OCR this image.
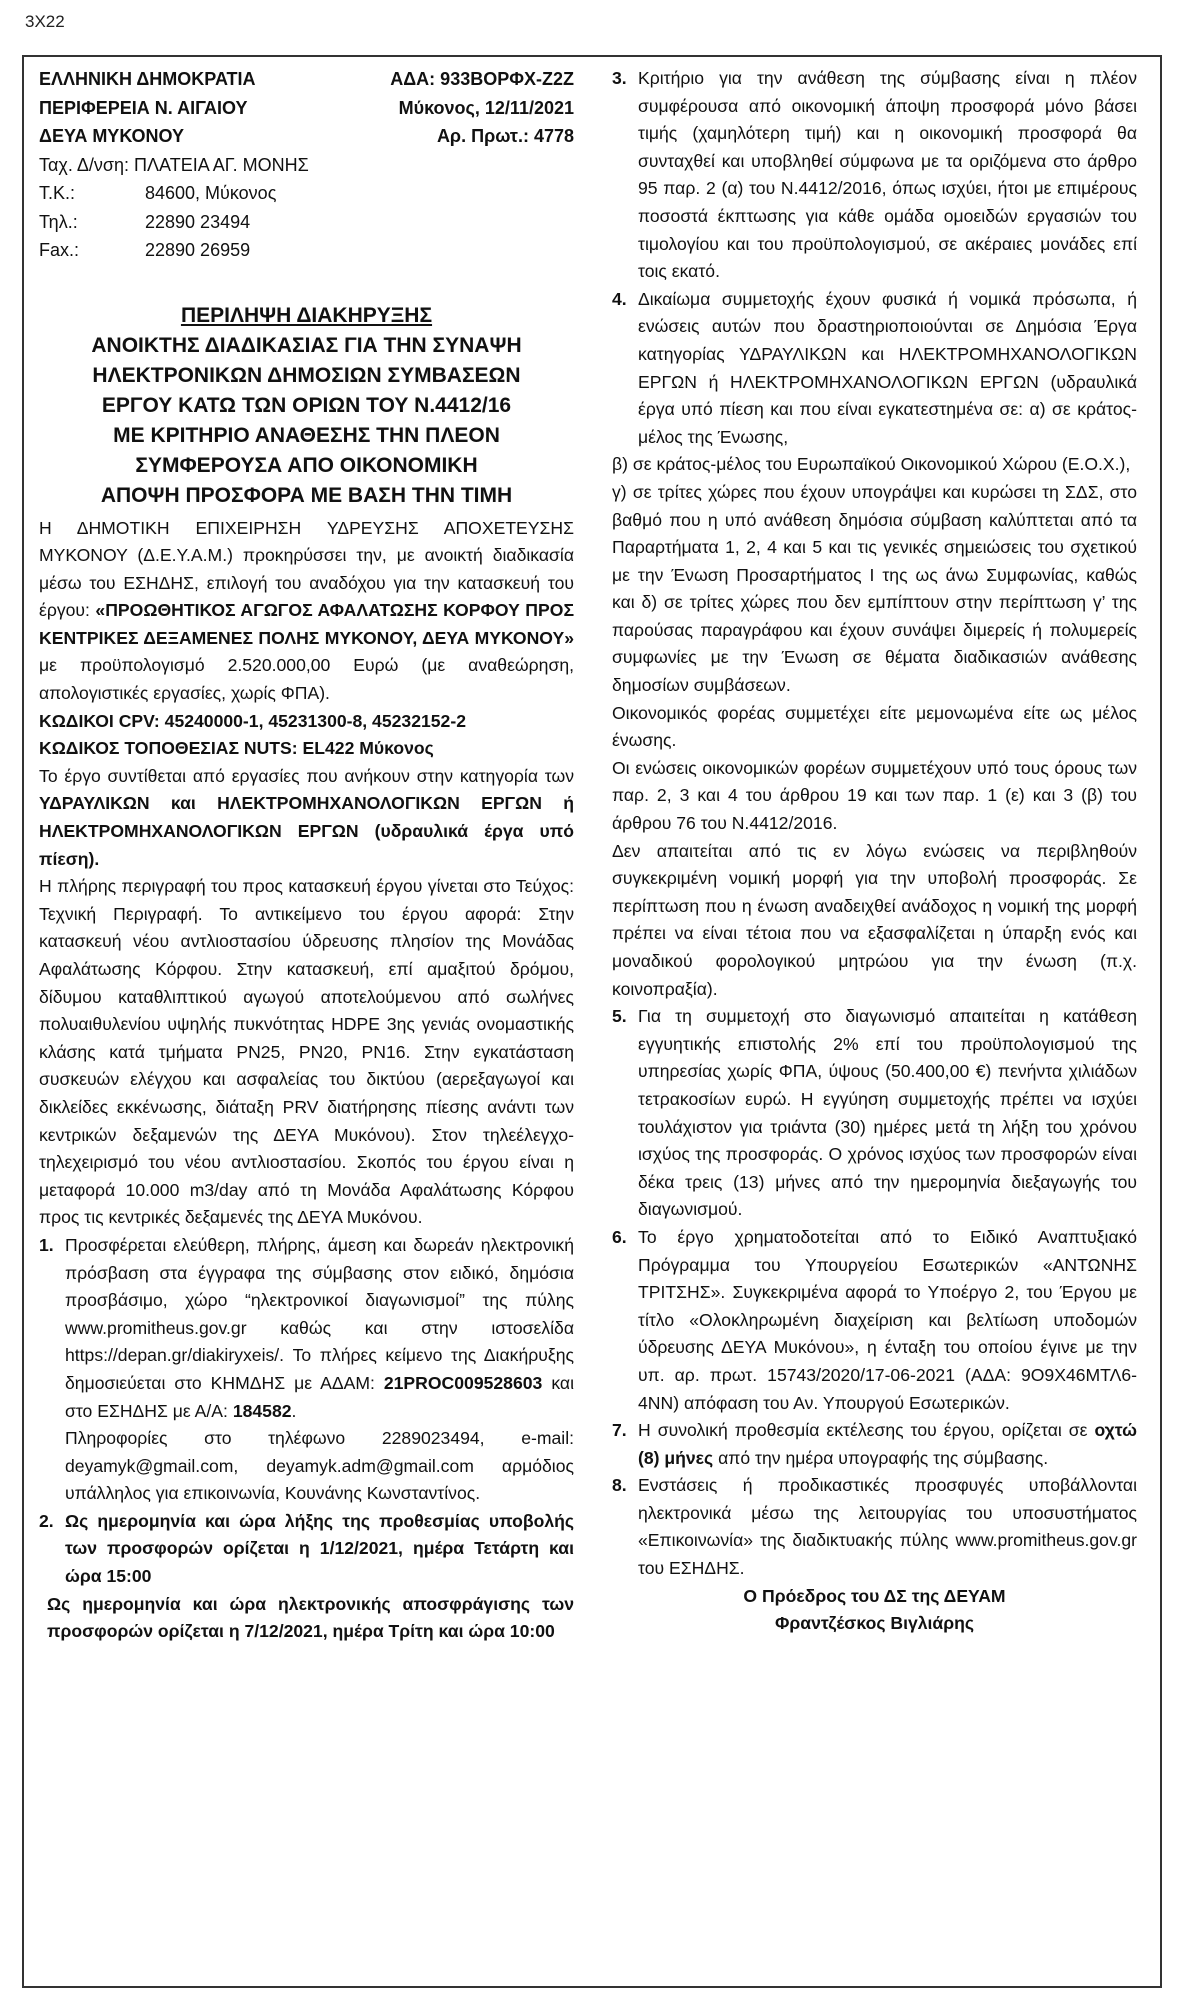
3X22
ΕΛΛΗΝΙΚΗ ΔΗΜΟΚΡΑΤΙΑ	ΑΔΑ: 933ΒΟΡΦΧ-Ζ2Ζ
ΠΕΡΙΦΕΡΕΙΑ Ν. ΑΙΓΑΙΟΥ	Μύκονος, 12/11/2021
ΔΕΥΑ ΜΥΚΟΝΟΥ	Αρ. Πρωτ.: 4778
Ταχ. Δ/νση: ΠΛΑΤΕΙΑ ΑΓ. ΜΟΝΗΣ
Τ.Κ.:	84600, Μύκονος
Τηλ.:	22890 23494
Fax.:	22890 26959
ΠΕΡΙΛΗΨΗ ΔΙΑΚΗΡΥΞΗΣ
ΑΝΟΙΚΤΗΣ ΔΙΑΔΙΚΑΣΙΑΣ ΓΙΑ ΤΗΝ ΣΥΝΑΨΗ
ΗΛΕΚΤΡΟΝΙΚΩΝ ΔΗΜΟΣΙΩΝ ΣΥΜΒΑΣΕΩΝ
ΕΡΓΟΥ ΚΑΤΩ ΤΩΝ ΟΡΙΩΝ ΤΟΥ Ν.4412/16
ΜΕ ΚΡΙΤΗΡΙΟ ΑΝΑΘΕΣΗΣ ΤΗΝ ΠΛΕΟΝ
ΣΥΜΦΕΡΟΥΣΑ ΑΠΟ ΟΙΚΟΝΟΜΙΚΗ
ΑΠΟΨΗ ΠΡΟΣΦΟΡΑ ΜΕ ΒΑΣΗ ΤΗΝ ΤΙΜΗ

Η ΔΗΜΟΤΙΚΗ ΕΠΙΧΕΙΡΗΣΗ ΥΔΡΕΥΣΗΣ ΑΠΟΧΕΤΕΥΣΗΣ ΜΥΚΟΝΟΥ (Δ.Ε.Υ.Α.Μ.) προκηρύσσει την, με ανοικτή διαδικασία μέσω του ΕΣΗΔΗΣ, επιλογή του αναδόχου για την κατασκευή του έργου: «ΠΡΟΩΘΗΤΙΚΟΣ ΑΓΩΓΟΣ ΑΦΑΛΑΤΩΣΗΣ ΚΟΡΦΟΥ ΠΡΟΣ ΚΕΝΤΡΙΚΕΣ ΔΕΞΑΜΕΝΕΣ ΠΟΛΗΣ ΜΥΚΟΝΟΥ, ΔΕΥΑ ΜΥΚΟΝΟΥ» με προϋπολογισμό 2.520.000,00 Ευρώ (με αναθεώρηση, απολογιστικές εργασίες, χωρίς ΦΠΑ).

ΚΩΔΙΚΟΙ CPV: 45240000-1, 45231300-8, 45232152-2

ΚΩΔΙΚΟΣ ΤΟΠΟΘΕΣΙΑΣ NUTS: EL422 Μύκονος

Το έργο συντίθεται από εργασίες που ανήκουν στην κατηγορία των ΥΔΡΑΥΛΙΚΩΝ και ΗΛΕΚΤΡΟΜΗΧΑΝΟΛΟΓΙΚΩΝ ΕΡΓΩΝ ή ΗΛΕΚΤΡΟΜΗΧΑΝΟΛΟΓΙΚΩΝ ΕΡΓΩΝ (υδραυλικά έργα υπό πίεση).

Η πλήρης περιγραφή του προς κατασκευή έργου γίνεται στο Τεύχος: Τεχνική Περιγραφή. Το αντικείμενο του έργου αφορά: Στην κατασκευή νέου αντλιοστασίου ύδρευσης πλησίον της Μονάδας Αφαλάτωσης Κόρφου. Στην κατασκευή, επί αμαξιτού δρόμου, δίδυμου καταθλιπτικού αγωγού αποτελούμενου από σωλήνες πολυαιθυλενίου υψηλής πυκνότητας HDPE 3ης γενιάς ονομαστικής κλάσης κατά τμήματα PN25, PN20, PN16. Στην εγκατάσταση συσκευών ελέγχου και ασφαλείας του δικτύου (αερεξαγωγοί και δικλείδες εκκένωσης, διάταξη PRV διατήρησης πίεσης ανάντι των κεντρικών δεξαμενών της ΔΕΥΑ Μυκόνου). Στον τηλεέλεγχο-τηλεχειρισμό του νέου αντλιοστασίου. Σκοπός του έργου είναι η μεταφορά 10.000 m3/day από τη Μονάδα Αφαλάτωσης Κόρφου προς τις κεντρικές δεξαμενές της ΔΕΥΑ Μυκόνου.

1. Προσφέρεται ελεύθερη, πλήρης, άμεση και δωρεάν ηλεκτρονική πρόσβαση στα έγγραφα της σύμβασης στον ειδικό, δημόσια προσβάσιμο, χώρο “ηλεκτρονικοί διαγωνισμοί” της πύλης www.promitheus.gov.gr καθώς και στην ιστοσελίδα https://depan.gr/diakiryxeis/. Το πλήρες κείμενο της Διακήρυξης δημοσιεύεται στο ΚΗΜΔΗΣ με ΑΔΑΜ: 21PROC009528603 και στο ΕΣΗΔΗΣ με Α/Α: 184582.

Πληροφορίες στο τηλέφωνο 2289023494, e-mail: deyamyk@gmail.com, deyamyk.adm@gmail.com αρμόδιος υπάλληλος για επικοινωνία, Κουνάνης Κωνσταντίνος.

2. Ως ημερομηνία και ώρα λήξης της προθεσμίας υποβολής των προσφορών ορίζεται η 1/12/2021, ημέρα Τετάρτη και ώρα 15:00

Ως ημερομηνία και ώρα ηλεκτρονικής αποσφράγισης των προσφορών ορίζεται η 7/12/2021, ημέρα Τρίτη και ώρα 10:00

3. Κριτήριο για την ανάθεση της σύμβασης είναι η πλέον συμφέρουσα από οικονομική άποψη προσφορά μόνο βάσει τιμής (χαμηλότερη τιμή) και η οικονομική προσφορά θα συνταχθεί και υποβληθεί σύμφωνα με τα οριζόμενα στο άρθρο 95 παρ. 2 (α) του Ν.4412/2016, όπως ισχύει, ήτοι με επιμέρους ποσοστά έκπτωσης για κάθε ομάδα ομοειδών εργασιών του τιμολογίου και του προϋπολογισμού, σε ακέραιες μονάδες επί τοις εκατό.
4. Δικαίωμα συμμετοχής έχουν φυσικά ή νομικά πρόσωπα, ή ενώσεις αυτών που δραστηριοποιούνται σε Δημόσια Έργα κατηγορίας ΥΔΡΑΥΛΙΚΩΝ και ΗΛΕΚΤΡΟΜΗΧΑΝΟΛΟΓΙΚΩΝ ΕΡΓΩΝ ή ΗΛΕΚΤΡΟΜΗΧΑΝΟΛΟΓΙΚΩΝ ΕΡΓΩΝ (υδραυλικά έργα υπό πίεση και που είναι εγκατεστημένα σε: α) σε κράτος-μέλος της Ένωσης,

β) σε κράτος-μέλος του Ευρωπαϊκού Οικονομικού Χώρου (Ε.Ο.Χ.),

γ) σε τρίτες χώρες που έχουν υπογράψει και κυρώσει τη ΣΔΣ, στο βαθμό που η υπό ανάθεση δημόσια σύμβαση καλύπτεται από τα Παραρτήματα 1, 2, 4 και 5 και τις γενικές σημειώσεις του σχετικού με την Ένωση Προσαρτήματος I της ως άνω Συμφωνίας, καθώς και δ) σε τρίτες χώρες που δεν εμπίπτουν στην περίπτωση γ’ της παρούσας παραγράφου και έχουν συνάψει διμερείς ή πολυμερείς συμφωνίες με την Ένωση σε θέματα διαδικασιών ανάθεσης δημοσίων συμβάσεων.

Οικονομικός φορέας συμμετέχει είτε μεμονωμένα είτε ως μέλος ένωσης.

Οι ενώσεις οικονομικών φορέων συμμετέχουν υπό τους όρους των παρ. 2, 3 και 4 του άρθρου 19 και των παρ. 1 (ε) και 3 (β) του άρθρου 76 του Ν.4412/2016.

Δεν απαιτείται από τις εν λόγω ενώσεις να περιβληθούν συγκεκριμένη νομική μορφή για την υποβολή προσφοράς. Σε περίπτωση που η ένωση αναδειχθεί ανάδοχος η νομική της μορφή πρέπει να είναι τέτοια που να εξασφαλίζεται η ύπαρξη ενός και μοναδικού φορολογικού μητρώου για την ένωση (π.χ. κοινοπραξία).

5. Για τη συμμετοχή στο διαγωνισμό απαιτείται η κατάθεση εγγυητικής επιστολής 2% επί του προϋπολογισμού της υπηρεσίας χωρίς ΦΠΑ, ύψους (50.400,00 €) πενήντα χιλιάδων τετρακοσίων ευρώ. Η εγγύηση συμμετοχής πρέπει να ισχύει τουλάχιστον για τριάντα (30) ημέρες μετά τη λήξη του χρόνου ισχύος της προσφοράς. Ο χρόνος ισχύος των προσφορών είναι δέκα τρεις (13) μήνες από την ημερομηνία διεξαγωγής του διαγωνισμού.
6. Το έργο χρηματοδοτείται από το Ειδικό Αναπτυξιακό Πρόγραμμα του Υπουργείου Εσωτερικών «ΑΝΤΩΝΗΣ ΤΡΙΤΣΗΣ». Συγκεκριμένα αφορά το Υποέργο 2, του Έργου με τίτλο «Ολοκληρωμένη διαχείριση και βελτίωση υποδομών ύδρευσης ΔΕΥΑ Μυκόνου», η ένταξη του οποίου έγινε με την υπ. αρ. πρωτ. 15743/2020/17-06-2021 (ΑΔΑ: 9Ο9Χ46ΜΤΛ6-4ΝΝ) απόφαση του Αν. Υπουργού Εσωτερικών.
7. Η συνολική προθεσμία εκτέλεσης του έργου, ορίζεται σε οχτώ (8) μήνες από την ημέρα υπογραφής της σύμβασης.
8. Ενστάσεις ή προδικαστικές προσφυγές υποβάλλονται ηλεκτρονικά μέσω της λειτουργίας του υποσυστήματος «Επικοινωνία» της διαδικτυακής πύλης www.promitheus.gov.gr του ΕΣΗΔΗΣ.
Ο Πρόεδρος του ΔΣ της ΔΕΥΑΜ
Φραντζέσκος Βιγλιάρης
